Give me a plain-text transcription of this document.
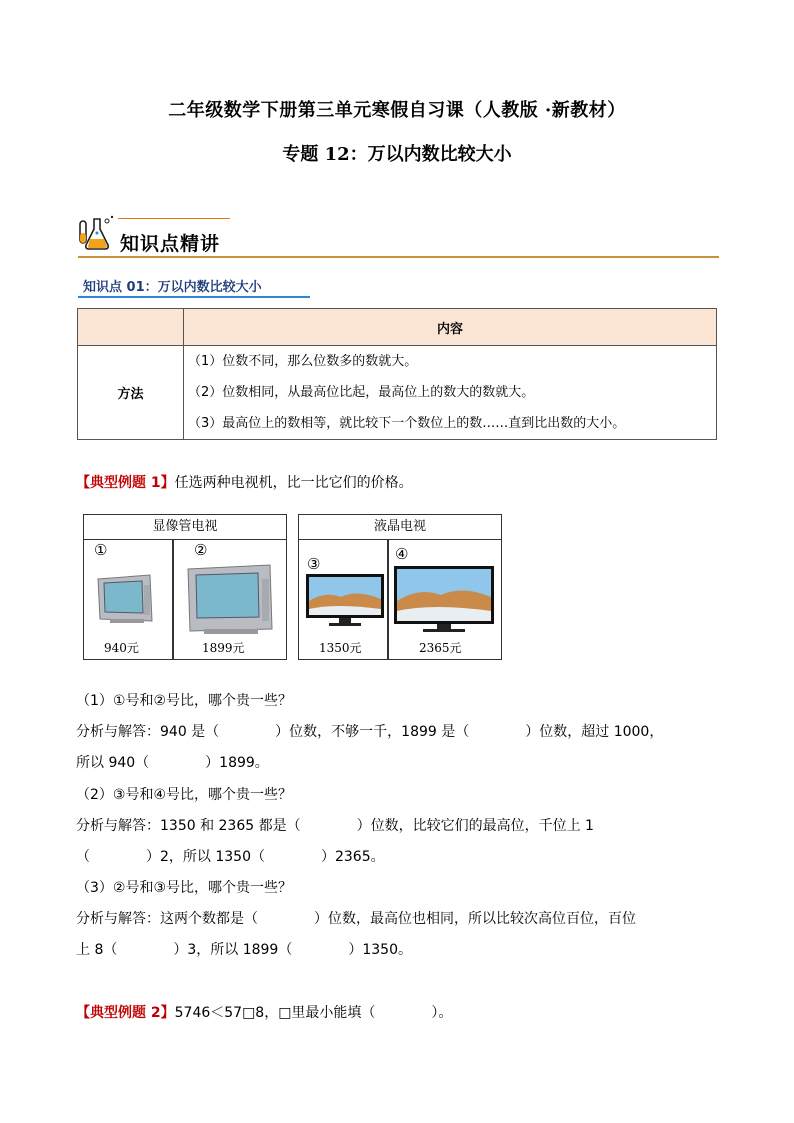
二年级数学下册第三单元寒假自习课（人教版 ·新教材）
专题 12：万以内数比较大小
知识点精讲
知识点 01：万以内数比较大小
	内容
方法	（1）位数不同，那么位数多的数就大。
（2）位数相同，从最高位比起，最高位上的数大的数就大。
（3）最高位上的数相等，就比较下一个数位上的数……直到比出数的大小。
【典型例题 1】任选两种电视机，比一比它们的价格。
显像管电视
①
940元
②
1899元
液晶电视
③
1350元
④
2365元
（1）①号和②号比，哪个贵一些？
分析与解答：940 是（　　　　）位数，不够一千，1899 是（　　　　）位数，超过 1000，
所以 940（　　　　）1899。
（2）③号和④号比，哪个贵一些？
分析与解答：1350 和 2365 都是（　　　　）位数，比较它们的最高位，千位上 1
（　　　　）2，所以 1350（　　　　）2365。
（3）②号和③号比，哪个贵一些？
分析与解答：这两个数都是（　　　　）位数，最高位也相同，所以比较次高位百位，百位
上 8（　　　　）3，所以 1899（　　　　）1350。
【典型例题 2】5746＜57□8，□里最小能填（　　　　）。
